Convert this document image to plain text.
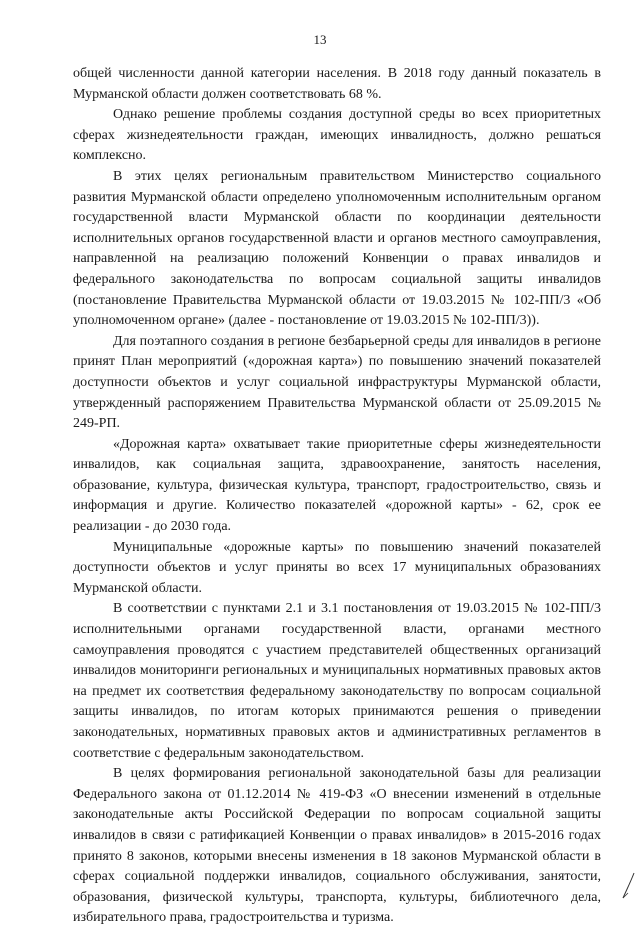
13

общей численности данной категории населения. В 2018 году данный показатель в Мурманской области должен соответствовать 68 %.

Однако решение проблемы создания доступной среды во всех приоритетных сферах жизнедеятельности граждан, имеющих инвалидность, должно решаться комплексно.

В этих целях региональным правительством Министерство социального развития Мурманской области определено уполномоченным исполнительным органом государственной власти Мурманской области по координации деятельности исполнительных органов государственной власти и органов местного самоуправления, направленной на реализацию положений Конвенции о правах инвалидов и федерального законодательства по вопросам социальной защиты инвалидов (постановление Правительства Мурманской области от 19.03.2015 № 102-ПП/3 «Об уполномоченном органе» (далее - постановление от 19.03.2015 № 102-ПП/3)).

Для поэтапного создания в регионе безбарьерной среды для инвалидов в регионе принят План мероприятий («дорожная карта») по повышению значений показателей доступности объектов и услуг социальной инфраструктуры Мурманской области, утвержденный распоряжением Правительства Мурманской области от 25.09.2015 № 249-РП.

«Дорожная карта» охватывает такие приоритетные сферы жизнедеятельности инвалидов, как социальная защита, здравоохранение, занятость населения, образование, культура, физическая культура, транспорт, градостроительство, связь и информация и другие. Количество показателей «дорожной карты» - 62, срок ее реализации - до 2030 года.

Муниципальные «дорожные карты» по повышению значений показателей доступности объектов и услуг приняты во всех 17 муниципальных образованиях Мурманской области.

В соответствии с пунктами 2.1 и 3.1 постановления от 19.03.2015 № 102-ПП/3 исполнительными органами государственной власти, органами местного самоуправления проводятся с участием представителей общественных организаций инвалидов мониторинги региональных и муниципальных нормативных правовых актов на предмет их соответствия федеральному законодательству по вопросам социальной защиты инвалидов, по итогам которых принимаются решения о приведении законодательных, нормативных правовых актов и административных регламентов в соответствие с федеральным законодательством.

В целях формирования региональной законодательной базы для реализации Федерального закона от 01.12.2014 № 419-ФЗ «О внесении изменений в отдельные законодательные акты Российской Федерации по вопросам социальной защиты инвалидов в связи с ратификацией Конвенции о правах инвалидов» в 2015-2016 годах принято 8 законов, которыми внесены изменения в 18 законов Мурманской области в сферах социальной поддержки инвалидов, социального обслуживания, занятости, образования, физической культуры, транспорта, культуры, библиотечного дела, избирательного права, градостроительства и туризма.
